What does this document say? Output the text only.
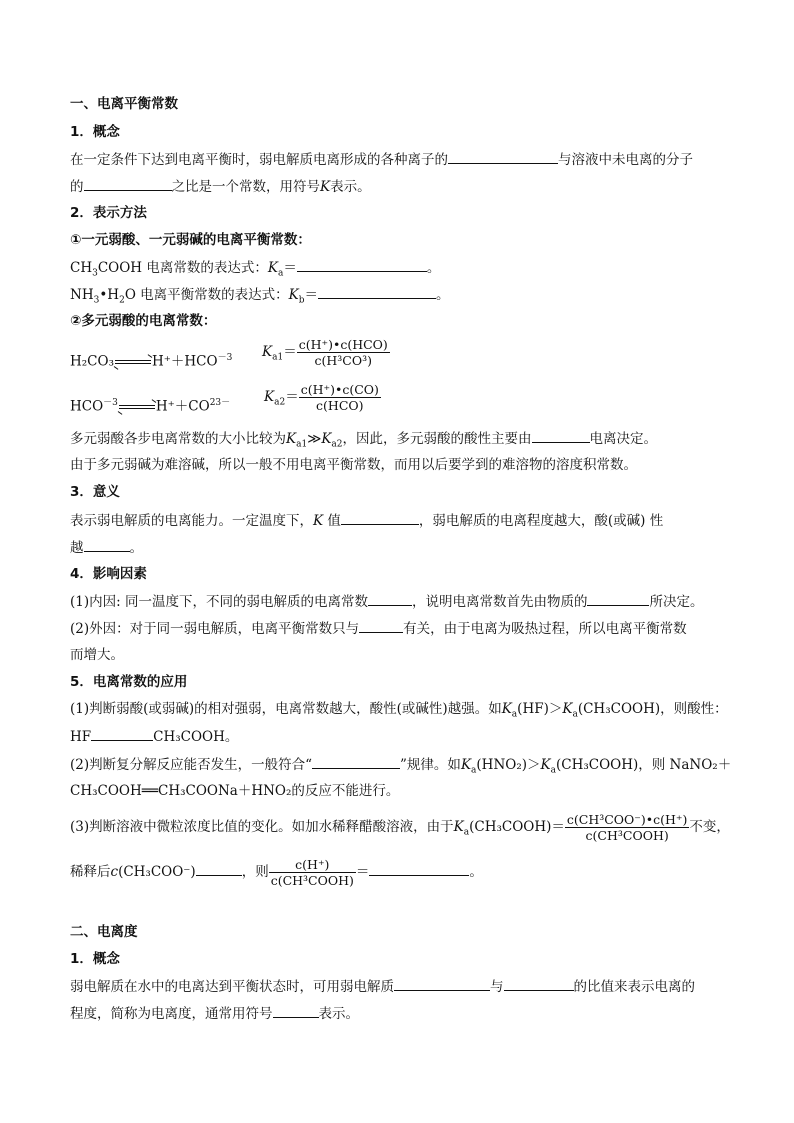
一、电离平衡常数
1．概念
在一定条件下达到电离平衡时，弱电解质电离形成的各种离子的	与溶液中未电离的分子
的	之比是一个常数，用符号K表示。
2．表示方法
①一元弱酸、一元弱碱的电离平衡常数：
$CH_3COOH$ 电离常数的表达式：$K_a=$	。
$NH_3•H_2O$ 电离平衡常数的表达式：$K_b=$	。
②多元弱酸的电离常数：
H₂CO₃	$H^++HCO^{-3}$ $K_{a1}= \frac{\text{c(H⁺)•c(HCO)}}{\text{c(H³CO³)}}$
$HCO^{-3}$	$H^++CO^{23-}$	$K_{a2}= \frac{c(H^+)•c(CO)}{\text{c(HCO)}}$
多元弱酸各步电离常数的大小比较为$K_{a1}≫K_{a2}$，因此，多元弱酸的酸性主要由	电离决定。
由于多元弱碱为难溶碱，所以一般不用电离平衡常数，而用以后要学到的难溶物的溶度积常数。
3．意义
表示弱电解质的电离能力。一定温度下，K 值	，弱电解质的电离程度越大，酸(或碱) 性
越	。
4．影响因素
(1)内因: 同一温度下，不同的弱电解质的电离常数	，说明电离常数首先由物质的	所决定。
(2)外因：对于同一弱电解质，电离平衡常数只与	有关，由于电离为吸热过程，所以电离平衡常数
而增大。
5．电离常数的应用
(1)判断弱酸(或弱碱)的相对强弱，电离常数越大，酸性(或碱性)越强。如$K_a(HF)>K_a(CH_3COOH)$，则酸性：
HF	CH₃COOH。
(2)判断复分解反应能否发生，一般符合“	”规律。如$K_a(HNO_2)>K_a(CH_3COOH)$，则 NaNO₂＋
CH₃COOH══CH₃COONa＋HNO₂的反应不能进行。
(3)判断溶液中微粒浓度比值的变化。如加水稀释醋酸溶液，由于$K_a(CH_3COOH)= \frac{\text{c(CH³COO⁻)•c(H⁺)}}{\text{c(CH³COOH)}}$ 不变，
稀释后c(CH₃COO⁻)	，则 $\frac{c(H^+)}{\text{c(CH³COOH)}}$ ＝	。
二、电离度
1．概念
弱电解质在水中的电离达到平衡状态时，可用弱电解质	与	的比值来表示电离的
程度，简称为电离度，通常用符号	表示。
